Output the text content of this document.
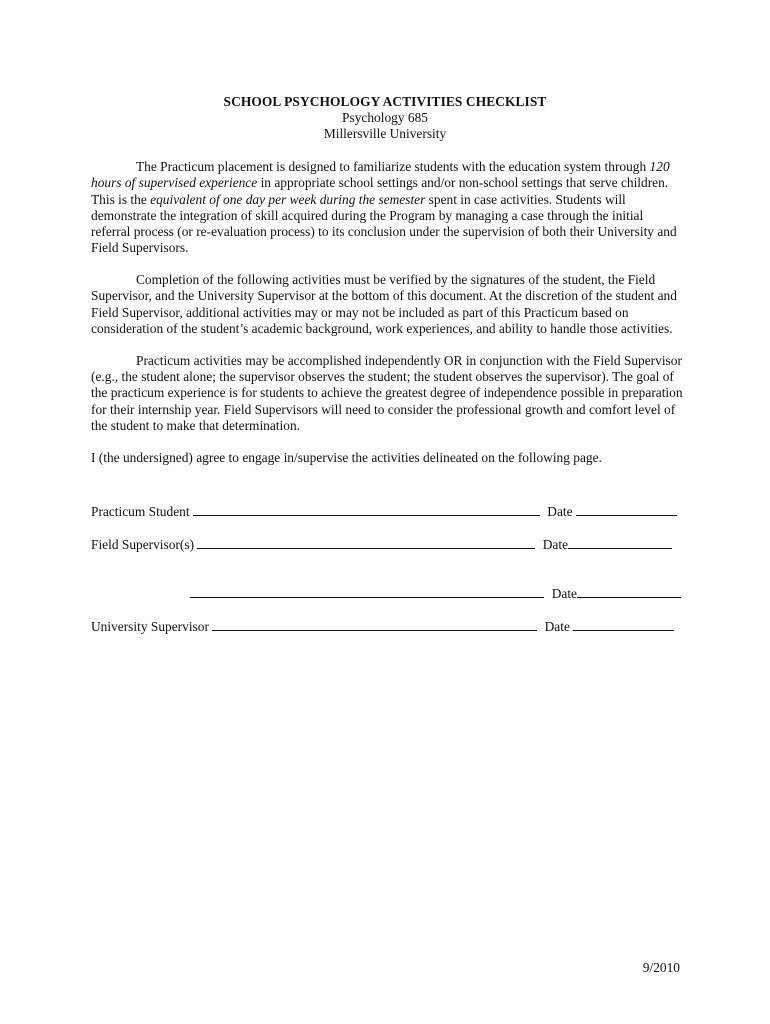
SCHOOL PSYCHOLOGY ACTIVITIES CHECKLIST
Psychology 685
Millersville University

The Practicum placement is designed to familiarize students with the education system through 120 hours of supervised experience in appropriate school settings and/or non-school settings that serve children. This is the equivalent of one day per week during the semester spent in case activities. Students will demonstrate the integration of skill acquired during the Program by managing a case through the initial referral process (or re-evaluation process) to its conclusion under the supervision of both their University and Field Supervisors.

Completion of the following activities must be verified by the signatures of the student, the Field Supervisor, and the University Supervisor at the bottom of this document. At the discretion of the student and Field Supervisor, additional activities may or may not be included as part of this Practicum based on consideration of the student’s academic background, work experiences, and ability to handle those activities.

Practicum activities may be accomplished independently OR in conjunction with the Field Supervisor (e.g., the student alone; the supervisor observes the student; the student observes the supervisor). The goal of the practicum experience is for students to achieve the greatest degree of independence possible in preparation for their internship year. Field Supervisors will need to consider the professional growth and comfort level of the student to make that determination.

I (the undersigned) agree to engage in/supervise the activities delineated on the following page.

Practicum Student	Date
Field Supervisor(s)	Date
Date
University Supervisor	Date
9/2010
